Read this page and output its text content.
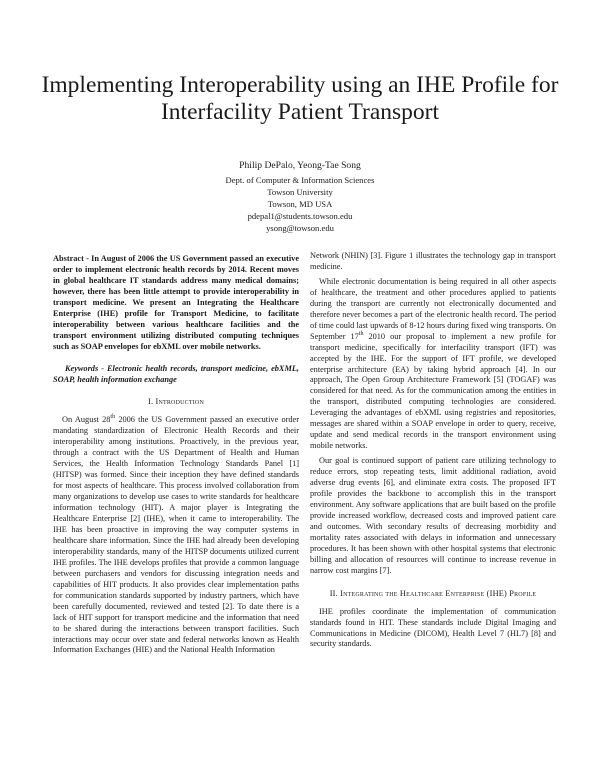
Implementing Interoperability using an IHE Profile for Interfacility Patient Transport
Philip DePalo, Yeong-Tae Song
Dept. of Computer & Information Sciences
Towson University
Towson, MD USA
pdepal1@students.towson.edu
ysong@towson.edu

Abstract - In August of 2006 the US Government passed an executive order to implement electronic health records by 2014. Recent moves in global healthcare IT standards address many medical domains; however, there has been little attempt to provide interoperability in transport medicine. We present an Integrating the Healthcare Enterprise (IHE) profile for Transport Medicine, to facilitate interoperability between various healthcare facilities and the transport environment utilizing distributed computing techniques such as SOAP envelopes for ebXML over mobile networks.

Keywords - Electronic health records, transport medicine, ebXML, SOAP, health information exchange

I. Introduction

On August 28th 2006 the US Government passed an executive order mandating standardization of Electronic Health Records and their interoperability among institutions. Proactively, in the previous year, through a contract with the US Department of Health and Human Services, the Health Information Technology Standards Panel [1] (HITSP) was formed. Since their inception they have defined standards for most aspects of healthcare. This process involved collaboration from many organizations to develop use cases to write standards for healthcare information technology (HIT). A major player is Integrating the Healthcare Enterprise [2] (IHE), when it came to interoperability. The IHE has been proactive in improving the way computer systems in healthcare share information. Since the IHE had already been developing interoperability standards, many of the HITSP documents utilized current IHE profiles. The IHE develops profiles that provide a common language between purchasers and vendors for discussing integration needs and capabilities of HIT products. It also provides clear implementation paths for communication standards supported by industry partners, which have been carefully documented, reviewed and tested [2]. To date there is a lack of HIT support for transport medicine and the information that need to be shared during the interactions between transport facilities. Such interactions may occur over state and federal networks known as Health Information Exchanges (HIE) and the National Health Information

Network (NHIN) [3]. Figure 1 illustrates the technology gap in transport medicine.

While electronic documentation is being required in all other aspects of healthcare, the treatment and other procedures applied to patients during the transport are currently not electronically documented and therefore never becomes a part of the electronic health record. The period of time could last upwards of 8-12 hours during fixed wing transports. On September 17th 2010 our proposal to implement a new profile for transport medicine, specifically for interfacility transport (IFT) was accepted by the IHE. For the support of IFT profile, we developed enterprise architecture (EA) by taking hybrid approach [4]. In our approach, The Open Group Architecture Framework [5] (TOGAF) was considered for that need. As for the communication among the entities in the transport, distributed computing technologies are considered. Leveraging the advantages of ebXML using registries and repositories, messages are shared within a SOAP envelope in order to query, receive, update and send medical records in the transport environment using mobile networks.

Our goal is continued support of patient care utilizing technology to reduce errors, stop repeating tests, limit additional radiation, avoid adverse drug events [6], and eliminate extra costs. The proposed IFT profile provides the backbone to accomplish this in the transport environment. Any software applications that are built based on the profile provide increased workflow, decreased costs and improved patient care and outcomes. With secondary results of decreasing morbidity and mortality rates associated with delays in information and unnecessary procedures. It has been shown with other hospital systems that electronic billing and allocation of resources will continue to increase revenue in narrow cost margins [7].

II. Integrating the Healthcare Enterprise (IHE) Profile

IHE profiles coordinate the implementation of communication standards found in HIT. These standards include Digital Imaging and Communications in Medicine (DICOM), Health Level 7 (HL7) [8] and security standards.
